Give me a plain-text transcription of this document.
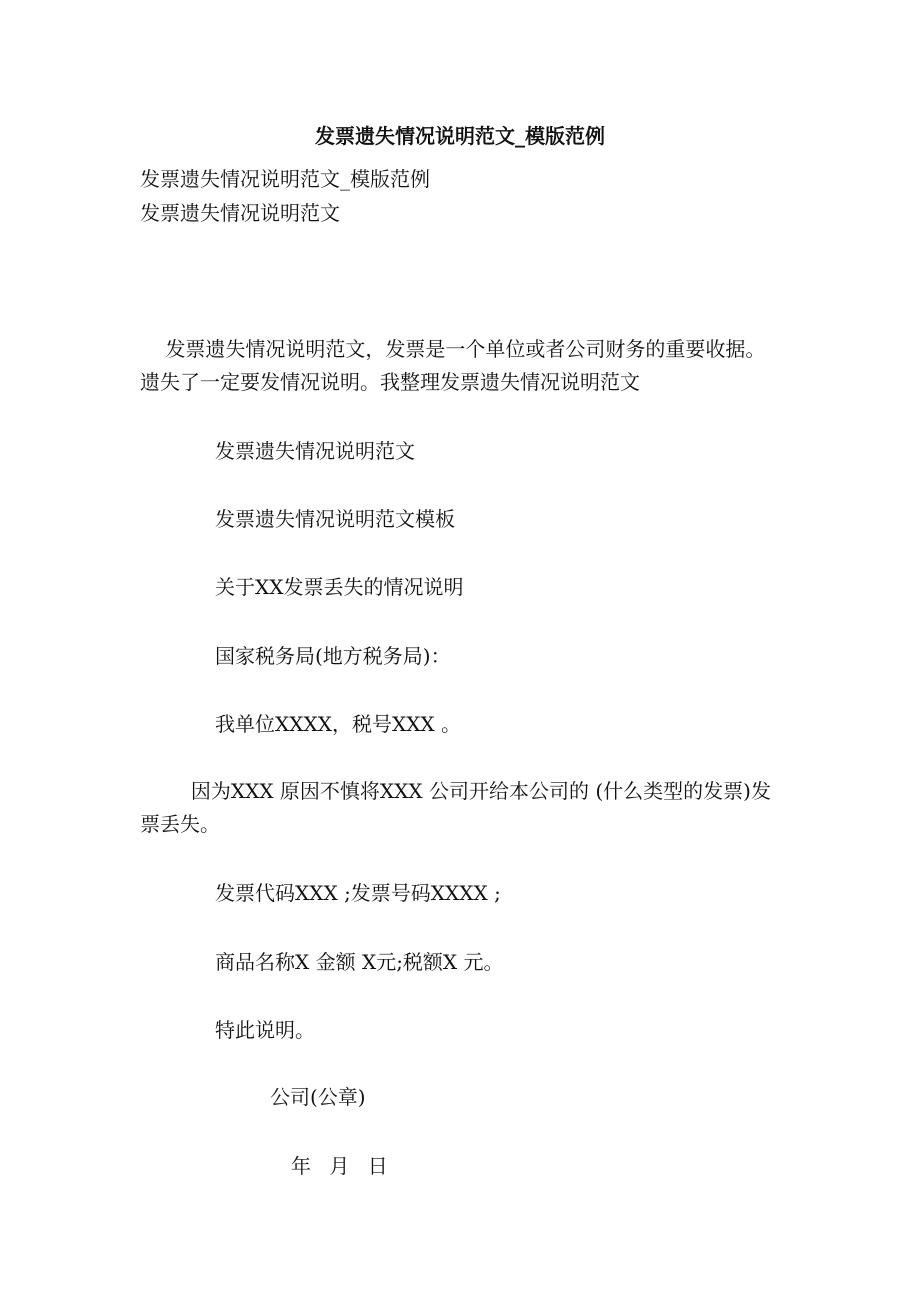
发票遗失情况说明范文_模版范例
发票遗失情况说明范文_模版范例
发票遗失情况说明范文
发票遗失情况说明范文，发票是一个单位或者公司财务的重要收据。遗失了一定要发情况说明。我整理发票遗失情况说明范文
发票遗失情况说明范文
发票遗失情况说明范文模板
关于XX发票丢失的情况说明
国家税务局(地方税务局)：
我单位XXXX，税号XXX 。
因为XXX 原因不慎将XXX 公司开给本公司的 (什么类型的发票)发票丢失。
发票代码XXX ;发票号码XXXX ;
商品名称X 金额 X元;税额X 元。
特此说明。
公司(公章)
年 月 日
